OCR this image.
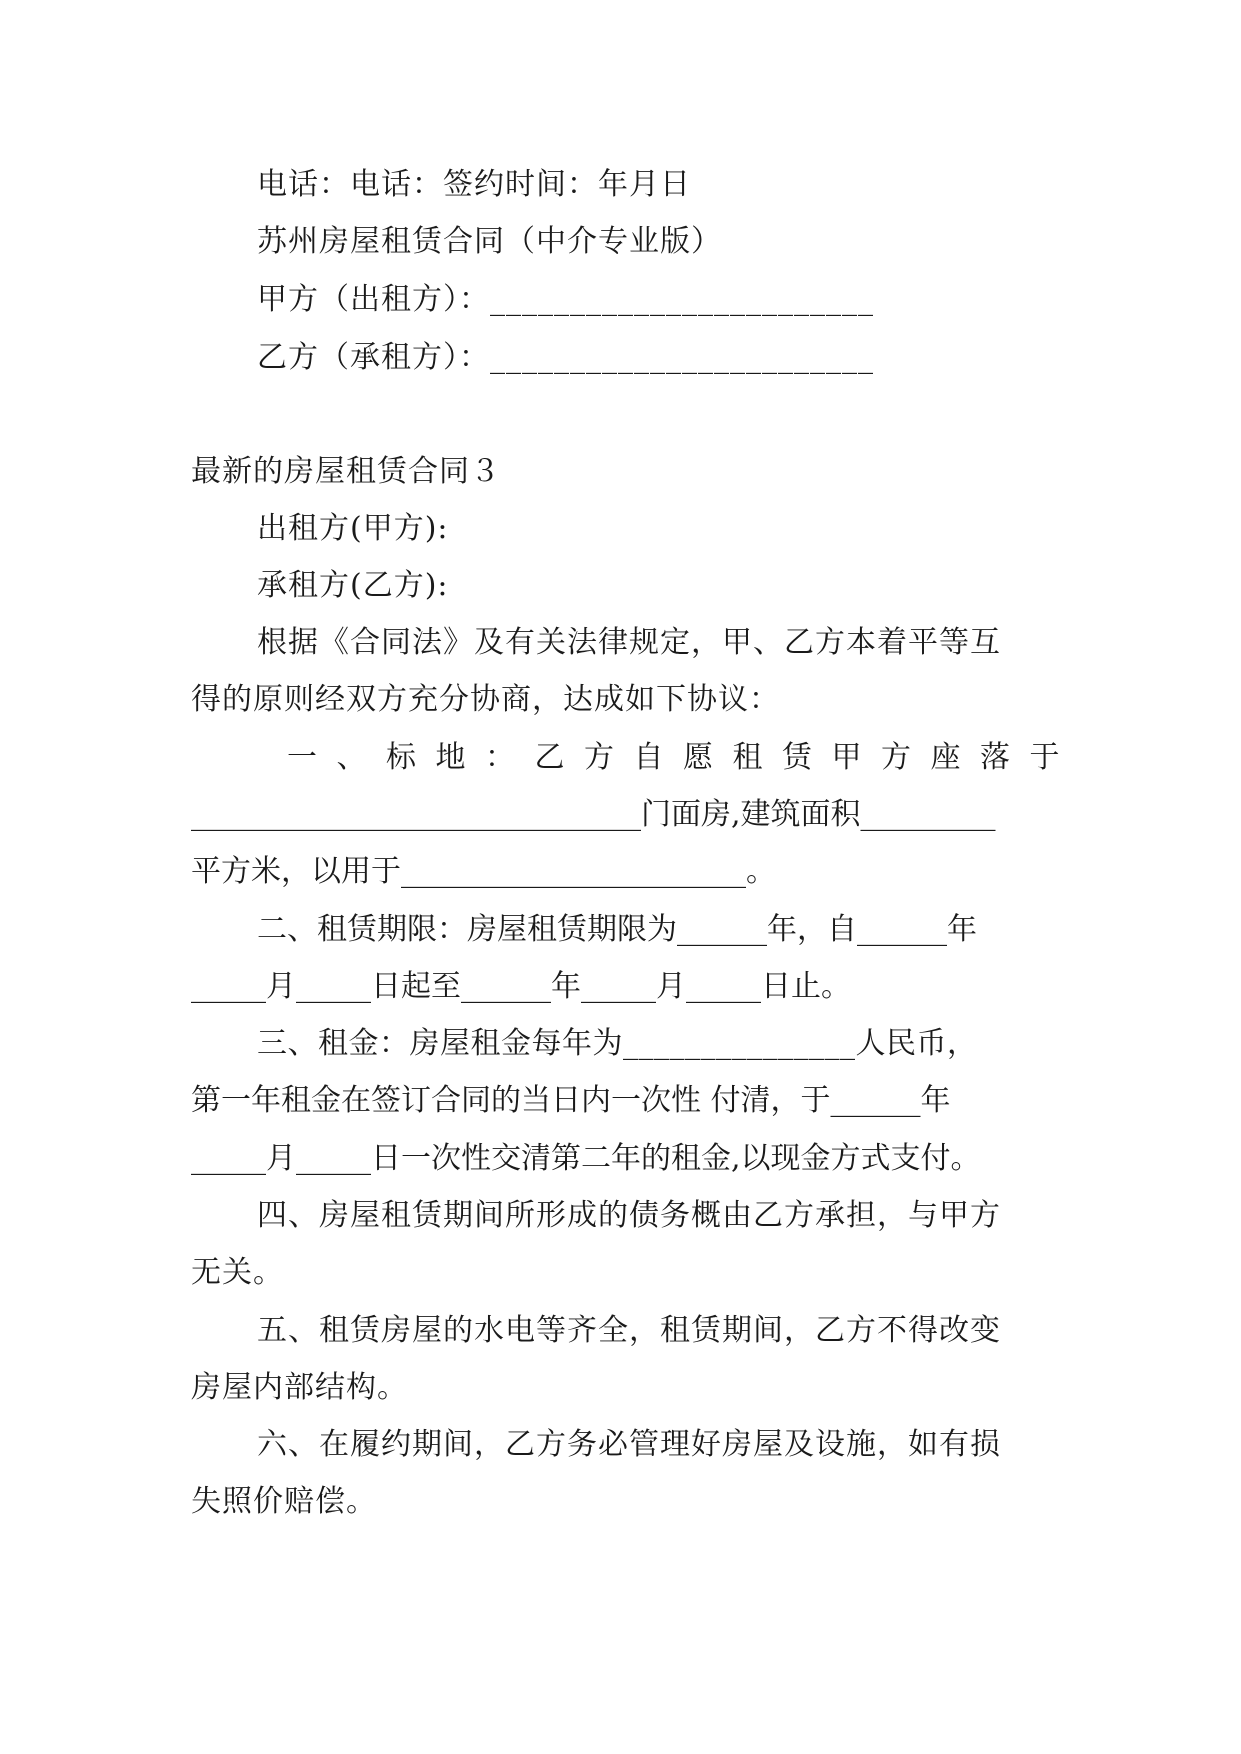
电话：电话：签约时间：年月日
苏州房屋租赁合同（中介专业版）
甲方（出租方）：________________________
乙方（承租方）：________________________
最新的房屋租赁合同３
出租方(甲方):
承租方(乙方):
根据《合同法》及有关法律规定，甲、乙方本着平等互
得的原则经双方充分协商，达成如下协议：
一、标地：乙方自愿租赁甲方座落于
______________________________门面房,建筑面积_________
平方米，以用于_______________________。
二、租赁期限：房屋租赁期限为______年，自______年
_____月_____日起至______年_____月_____日止。
三、租金：房屋租金每年为_______________人民币，
第一年租金在签订合同的当日内一次性 付清，于______年
_____月_____日一次性交清第二年的租金,以现金方式支付。
四、房屋租赁期间所形成的债务概由乙方承担，与甲方
无关。
五、租赁房屋的水电等齐全，租赁期间，乙方不得改变
房屋内部结构。
六、在履约期间，乙方务必管理好房屋及设施，如有损
失照价赔偿。
